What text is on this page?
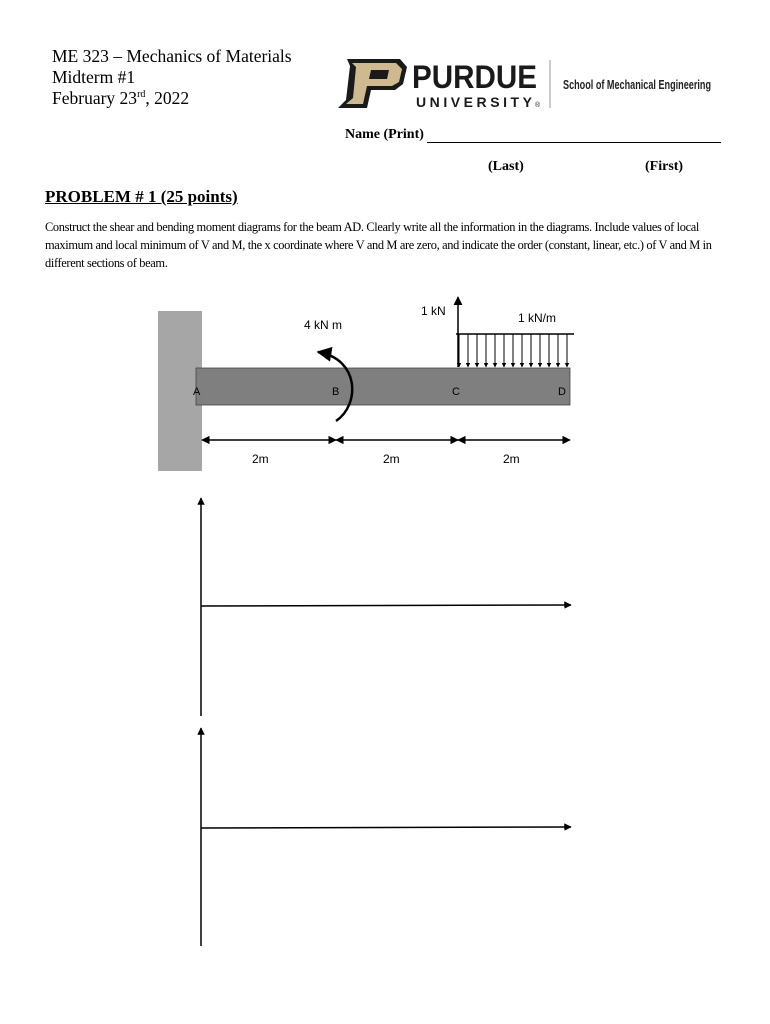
ME 323 – Mechanics of Materials
Midterm #1
February 23rd, 2022
PURDUE
UNIVERSITY ®
School of Mechanical Engineering
Name (Print)
(Last)	(First)
PROBLEM # 1 (25 points)
Construct the shear and bending moment diagrams for the beam AD. Clearly write all the information in the diagrams. Include values of local maximum and local minimum of V and M, the x coordinate where V and M are zero, and indicate the order (constant, linear, etc.) of V and M in different sections of beam.
A	B	C	D
4 kN m
1 kN	1 kN/m
2m	2m	2m
